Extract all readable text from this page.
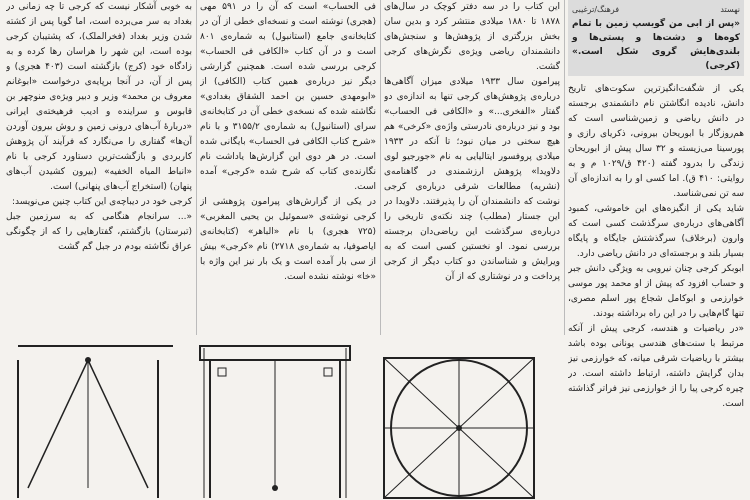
نهستد
فرهنگ/ترغیبی
«پس از ابی من گویسپ زمین با تمام کوه‌ها و دشت‌ها و پستی‌ها و بلندی‌هایش گروی شکل است.» (کرجی)

یکی از شگفت‌انگیزترین سکوت‌های تاریخ دانش، نادیده انگاشتن نام دانشمندی برجسته در دانش ریاضی و زمین‌شناسی است که هم‌روزگار با ابوریحان بیرونی، ذکریای رازی و پورسینا می‌زیسته و ۳۲ سال پیش از ابوریحان زندگی را بدرود گفته (۴۲۰ ق/۱۰۲۹ م و به روایتی: ۴۱۰ ق). اما کسی او را به اندازه‌ای آن سه تن نمی‌شناسد.

شاید یکی از انگیزه‌های این خاموشی، کمبود آگاهی‌های درباره‌ی سرگذشت کسی است که وارون (برخلاف) سرگذشتش جایگاه و پایگاه بسیار بلند و برجسته‌ای در دانش ریاضی دارد.

ابوبکر کرجی چنان نیرویی به ویژگی دانش جبر و حساب افزود که پیش از او محمد پور موسی خوارزمی و ابوکامل شجاع پور اسلم مصری، تنها گام‌هایی را در این راه برداشته بودند.

«در ریاضیات و هندسه، کرجی پیش از آنکه مرتبط با سنت‌های هندسی یونانی بوده باشد بیشتر با ریاضیات شرقی میانه، که خوارزمی نیز بدان گرایش داشته، ارتباط داشته است. در چیره کرجی پیا را از خوارزمی نیز فراتر گذاشته است.

این کتاب را در سه دفتر کوچک در سال‌های ۱۸۷۸ تا ۱۸۸۰ میلادی منتشر کرد و بدین سان بخش بزرگتری از پژوهش‌ها و سنجش‌های دانشمندان ریاضی ویژه‌ی نگرش‌های کرجی گشت.

پیرامون سال ۱۹۳۳ میلادی میزان آگاهی‌ها درباره‌ی پژوهش‌های کرجی تنها به اندازه‌ی دو گفتار «الفخری...» و «الکافی فی الحساب» بود و نیز درباره‌ی نادرستی واژه‌ی «کرخی» هم هیچ سخنی در میان نبود؛ تا آنکه در ۱۹۳۳ میلادی پروفسور ایتالیایی به نام «جورجیو لوی دلاویدا» پژوهش ارزشمندی در گاهنامه‌ی (نشریه) مطالعات شرقی درباره‌ی کرجی نوشت که دانشمندان آن را پذیرفتند. دلاویدا در این جستار (مطلب) چند نکته‌ی تاریخی را درباره‌ی سرگذشت این ریاضی‌دان برجسته بررسی نمود. او نخستین کسی است که به ویرایش و شناساندن دو کتاب دیگر از کرجی پرداخت و در نوشتاری که از آن

فی الحساب» است که آن را در ۵۹۱ مهی (هجری) نوشته است و نسخه‌ای خطی از آن در کتابخانه‌ی جامع (استانبول) به شماره‌ی ۸۰۱ است و در آن کتاب «الکافی فی الحساب» کرجی بررسی شده است. همچنین گزارشی دیگر نیز درباره‌ی همین کتاب (الکافی) از «ابومهدی حسین بن احمد الشقاق بغدادی» نگاشته شده که نسخه‌ی خطی آن در کتابخانه‌ی سرای (استانبول) به شماره‌ی ۳۱۵۵/۲ و با نام «شرح کتاب الکافی فی الحساب» بایگانی شده است. در هر دوی این گزارش‌ها یاداشت نام نگارنده‌ی کتاب که شرح شده «کرجی» آمده است.

در یکی از گزارش‌های پیرامون پژوهشی از کرجی نوشته‌ی «سموئیل بن یحیی المغربی» (۷۲۵ هجری) با نام «الباهر» (کتابخانه‌ی ایاصوفیا، به شماره‌ی ۲۷۱۸) نام «کرجی» بیش از سی بار آمده است و یک بار نیز این واژه با «خا» نوشته نشده است.

به خوبی آشکار نیست که کرجی تا چه زمانی در بغداد به سر می‌برده است، اما گویا پس از کشته شدن وزیر بغداد (فخرالملک)، که پشتیبان کرجی بوده است، این شهر را هراسان رها کرده و به زادگاه خود (کرج) بازگشته است (۴۰۳ هجری) و پس از آن، در آنجا برپایه‌ی درخواست «ابوغانم معروف بن محمد» وزیر و دبیر ویژه‌ی منوچهر بن قابوس و سراینده و ادیب فرهیخته‌ی ایرانی «دربارهٔ آب‌های درونی زمین و روش بیرون آوردن آن‌ها» گفتاری را می‌نگارد که فرآیند آن پژوهش کاربردی و بازگشت‌ترین دستاورد کرجی با نام «انباط المیاه الخفیه» (بیرون کشیدن آب‌های پنهان) (استخراج آب‌های پنهانی) است.

کرجی خود در دیباچه‌ی این کتاب چنین می‌نویسد:

«... سرانجام هنگامی که به سرزمین جبل (تبرستان) بازگشتم، گفتارهایی را که از چگونگی عراق نگاشته بودم در جبل گم گشت
